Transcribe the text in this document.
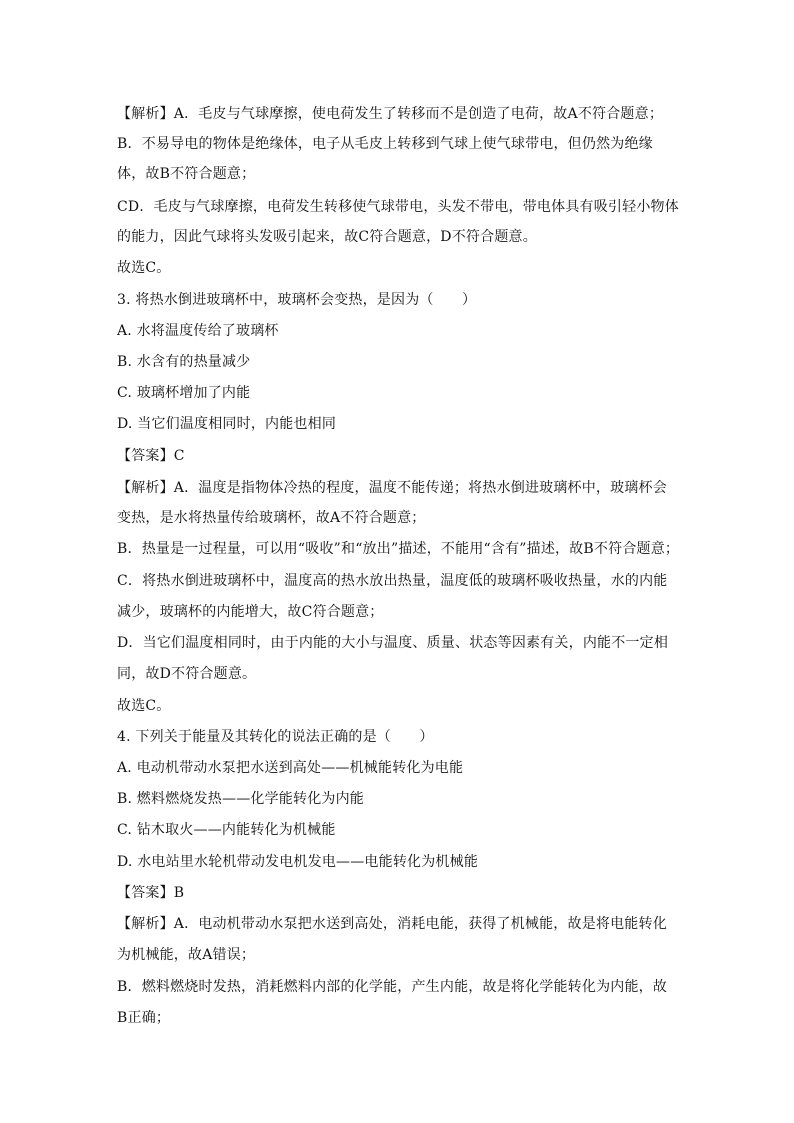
【解析】A．毛皮与气球摩擦，使电荷发生了转移而不是创造了电荷，故A不符合题意；
B．不易导电的物体是绝缘体，电子从毛皮上转移到气球上使气球带电，但仍然为绝缘
体，故B不符合题意；
CD．毛皮与气球摩擦，电荷发生转移使气球带电，头发不带电，带电体具有吸引轻小物体
的能力，因此气球将头发吸引起来，故C符合题意，D不符合题意。
故选C。
3. 将热水倒进玻璃杯中，玻璃杯会变热，是因为（　　）
A. 水将温度传给了玻璃杯
B. 水含有的热量减少
C. 玻璃杯增加了内能
D. 当它们温度相同时，内能也相同
【答案】C
【解析】A．温度是指物体冷热的程度，温度不能传递；将热水倒进玻璃杯中，玻璃杯会
变热，是水将热量传给玻璃杯，故A不符合题意；
B．热量是一过程量，可以用“吸收”和“放出”描述，不能用“含有”描述，故B不符合题意；
C．将热水倒进玻璃杯中，温度高的热水放出热量，温度低的玻璃杯吸收热量，水的内能
减少，玻璃杯的内能增大，故C符合题意；
D．当它们温度相同时，由于内能的大小与温度、质量、状态等因素有关，内能不一定相
同，故D不符合题意。
故选C。
4. 下列关于能量及其转化的说法正确的是（　　）
A. 电动机带动水泵把水送到高处——机械能转化为电能
B. 燃料燃烧发热——化学能转化为内能
C. 钻木取火——内能转化为机械能
D. 水电站里水轮机带动发电机发电——电能转化为机械能
【答案】B
【解析】A．电动机带动水泵把水送到高处，消耗电能，获得了机械能，故是将电能转化
为机械能，故A错误；
B．燃料燃烧时发热，消耗燃料内部的化学能，产生内能，故是将化学能转化为内能，故
B正确；
